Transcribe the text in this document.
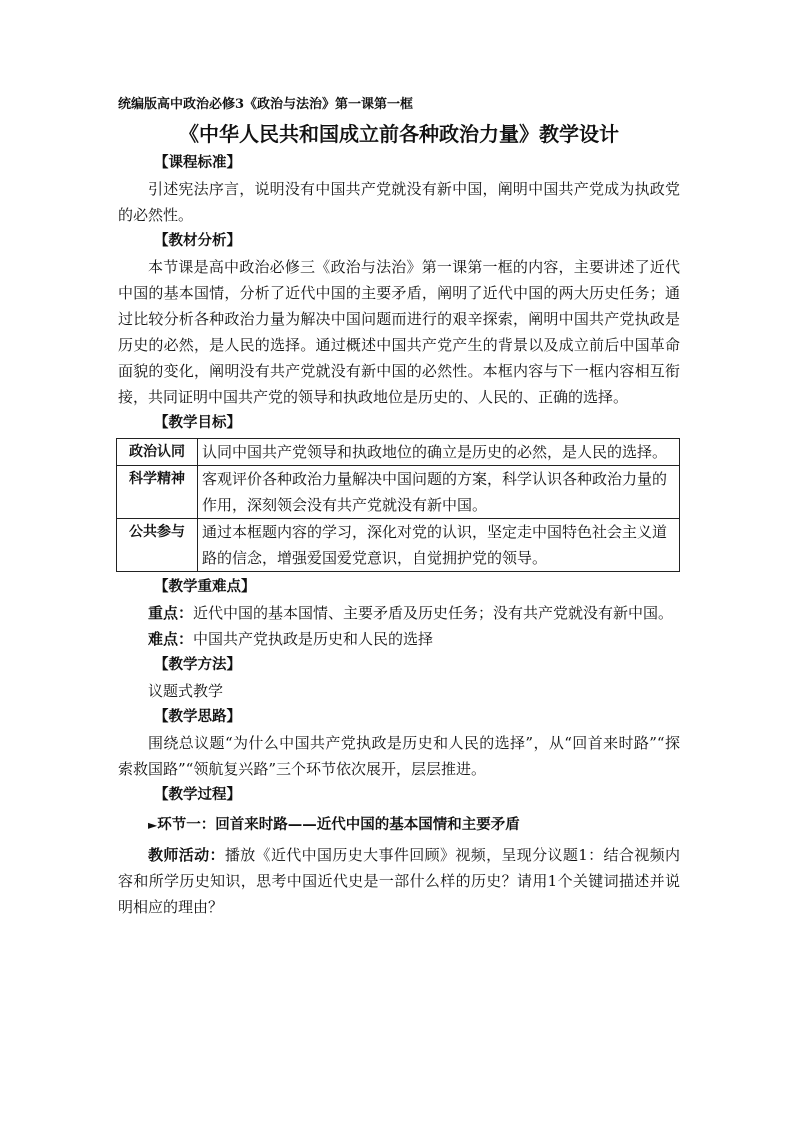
统编版高中政治必修3《政治与法治》第一课第一框
《中华人民共和国成立前各种政治力量》教学设计

【课程标准】

引述宪法序言，说明没有中国共产党就没有新中国，阐明中国共产党成为执政党的必然性。

【教材分析】

本节课是高中政治必修三《政治与法治》第一课第一框的内容，主要讲述了近代中国的基本国情，分析了近代中国的主要矛盾，阐明了近代中国的两大历史任务；通过比较分析各种政治力量为解决中国问题而进行的艰辛探索，阐明中国共产党执政是历史的必然，是人民的选择。通过概述中国共产党产生的背景以及成立前后中国革命面貌的变化，阐明没有共产党就没有新中国的必然性。本框内容与下一框内容相互衔接，共同证明中国共产党的领导和执政地位是历史的、人民的、正确的选择。

【教学目标】

政治认同	认同中国共产党领导和执政地位的确立是历史的必然，是人民的选择。
科学精神	客观评价各种政治力量解决中国问题的方案，科学认识各种政治力量的作用，深刻领会没有共产党就没有新中国。
公共参与	通过本框题内容的学习，深化对党的认识，坚定走中国特色社会主义道路的信念，增强爱国爱党意识，自觉拥护党的领导。

【教学重难点】

重点：近代中国的基本国情、主要矛盾及历史任务；没有共产党就没有新中国。

难点：中国共产党执政是历史和人民的选择

【教学方法】

议题式教学

【教学思路】

围绕总议题“为什么中国共产党执政是历史和人民的选择”，从“回首来时路”“探索救国路”“领航复兴路”三个环节依次展开，层层推进。

【教学过程】

►环节一：回首来时路——近代中国的基本国情和主要矛盾

教师活动：播放《近代中国历史大事件回顾》视频，呈现分议题1：结合视频内容和所学历史知识，思考中国近代史是一部什么样的历史？请用1个关键词描述并说明相应的理由？
